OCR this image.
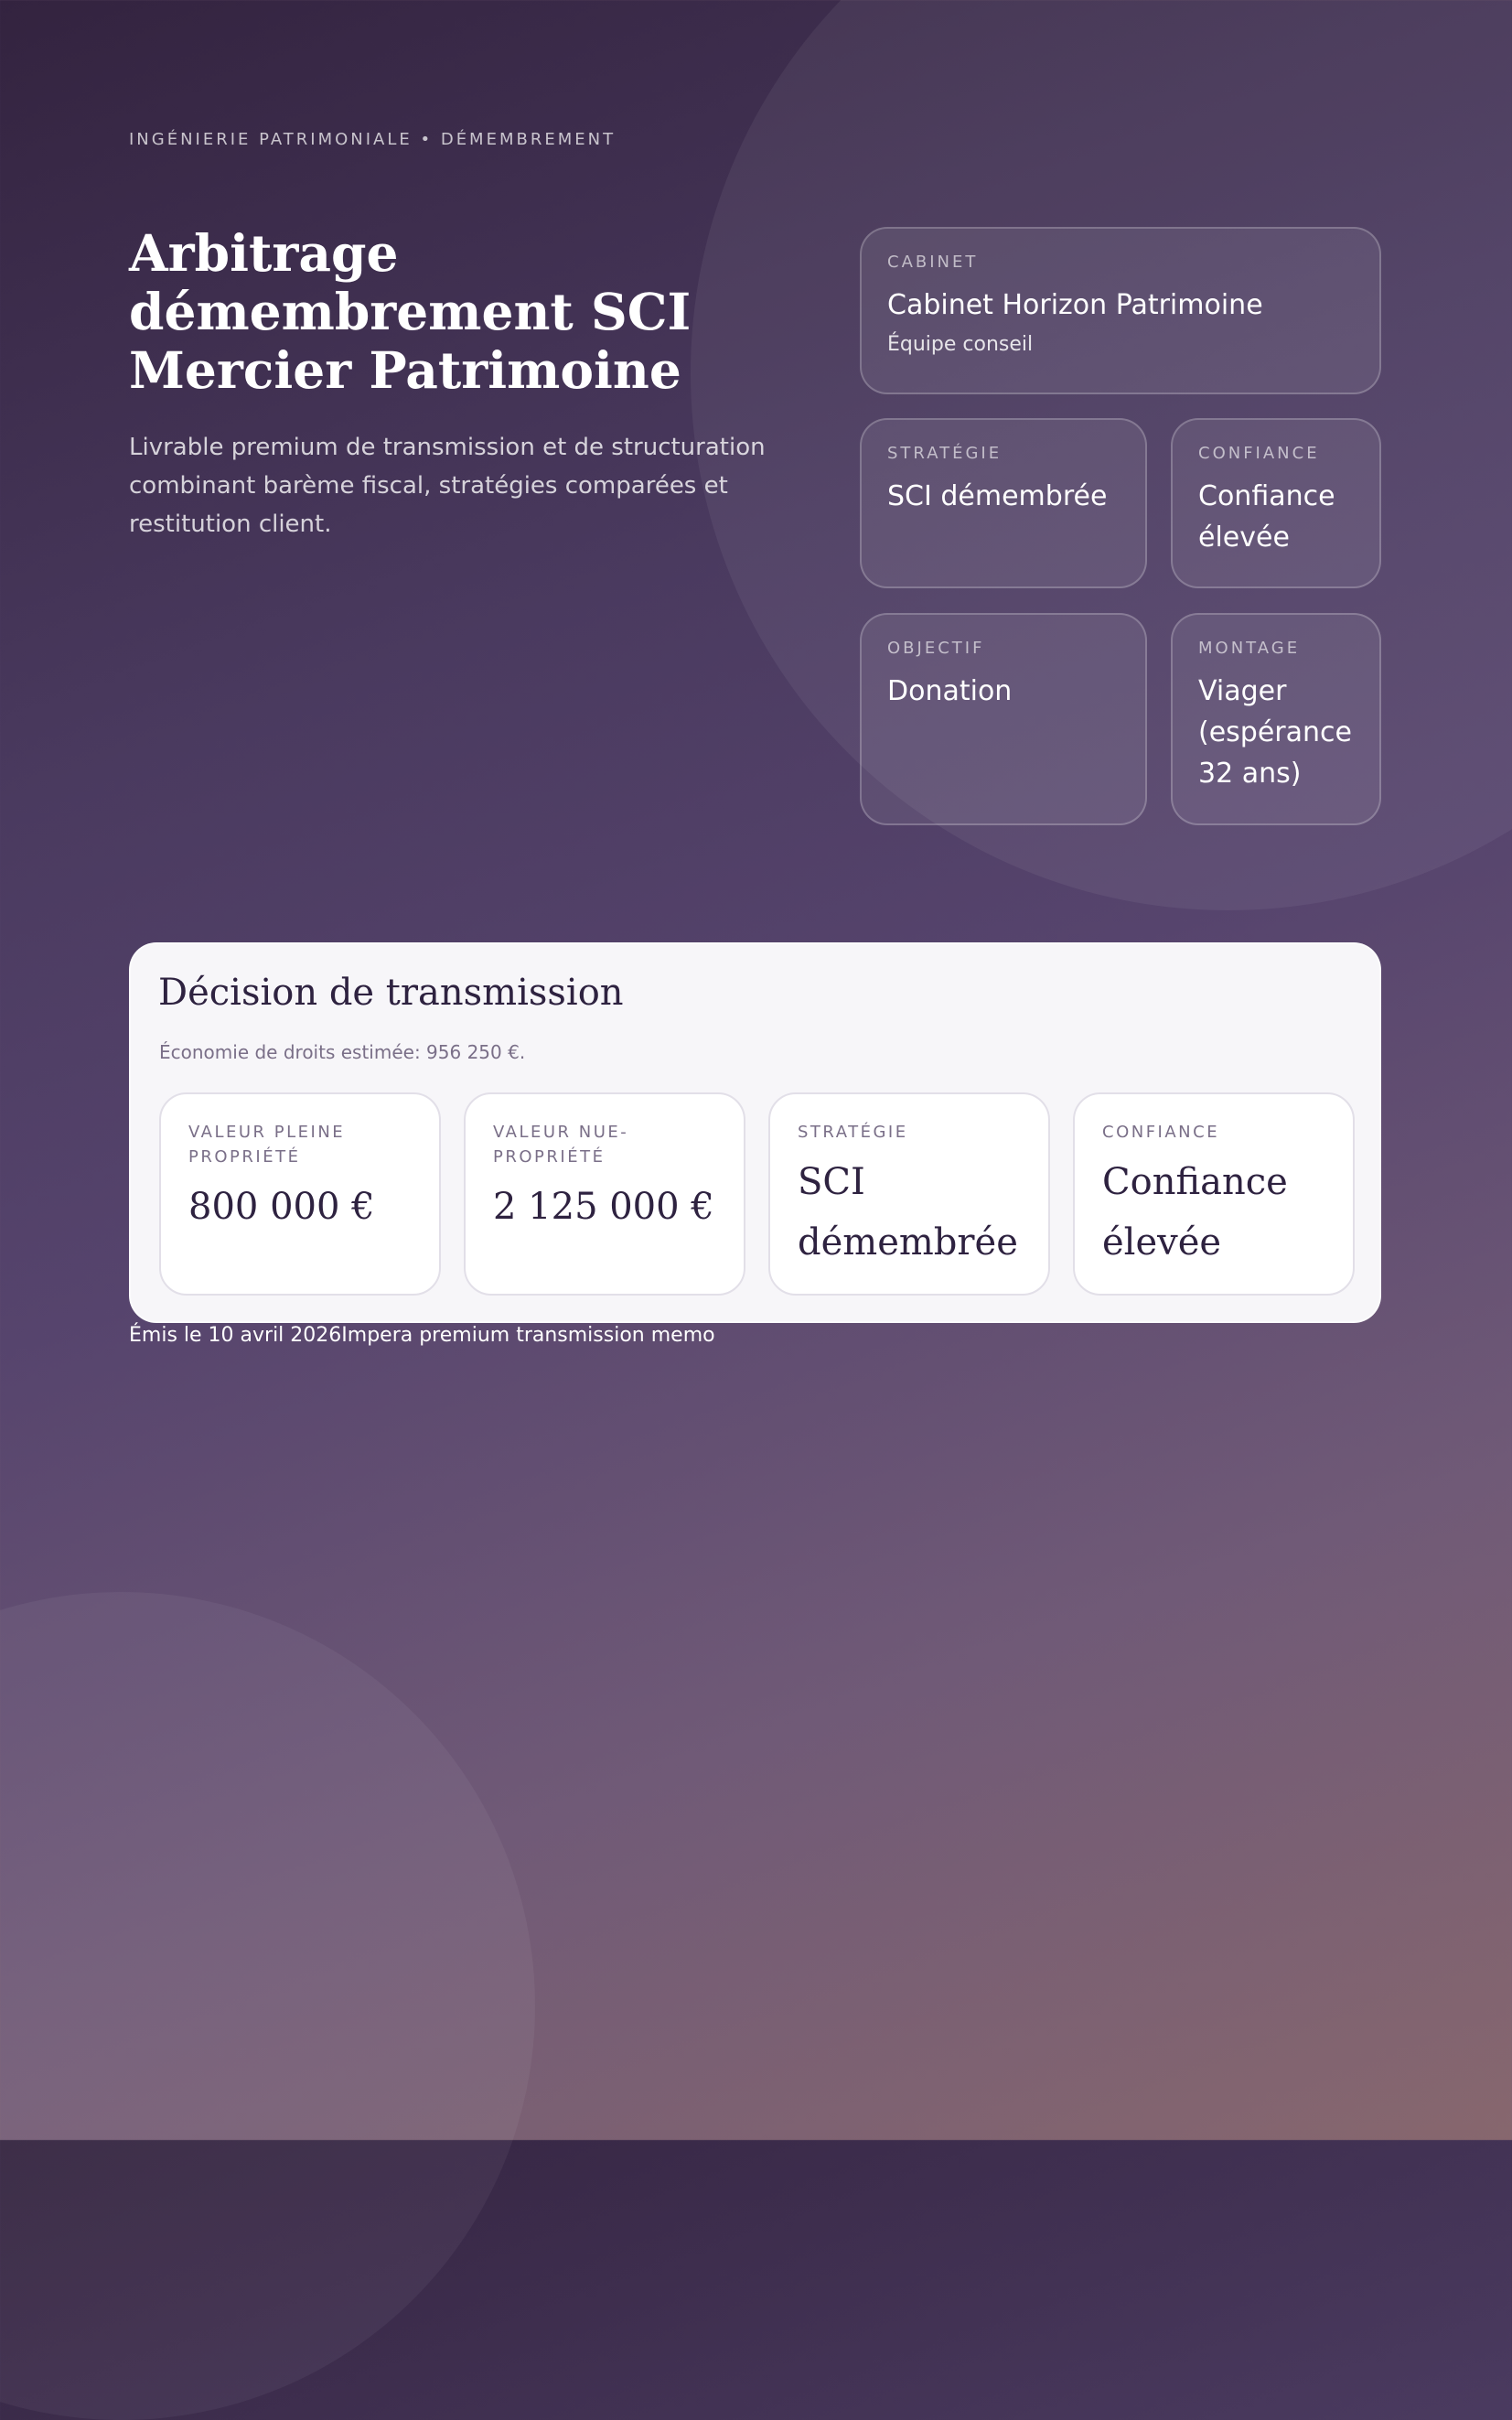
INGÉNIERIE PATRIMONIALE • DÉMEMBREMENT
Arbitrage démembrement SCI Mercier Patrimoine

Livrable premium de transmission et de structuration combinant barème fiscal, stratégies comparées et restitution client.

CABINET
Cabinet Horizon Patrimoine
Équipe conseil
STRATÉGIE
SCI démembrée
CONFIANCE
Confiance élevée
OBJECTIF
Donation
MONTAGE
Viager (espérance 32 ans)
Décision de transmission
Économie de droits estimée: 956 250 €.
VALEUR PLEINE PROPRIÉTÉ
800 000 €
VALEUR NUE-PROPRIÉTÉ
2 125 000 €
STRATÉGIE
SCI démembrée
CONFIANCE
Confiance élevée
Émis le 10 avril 2026Impera premium transmission memo
